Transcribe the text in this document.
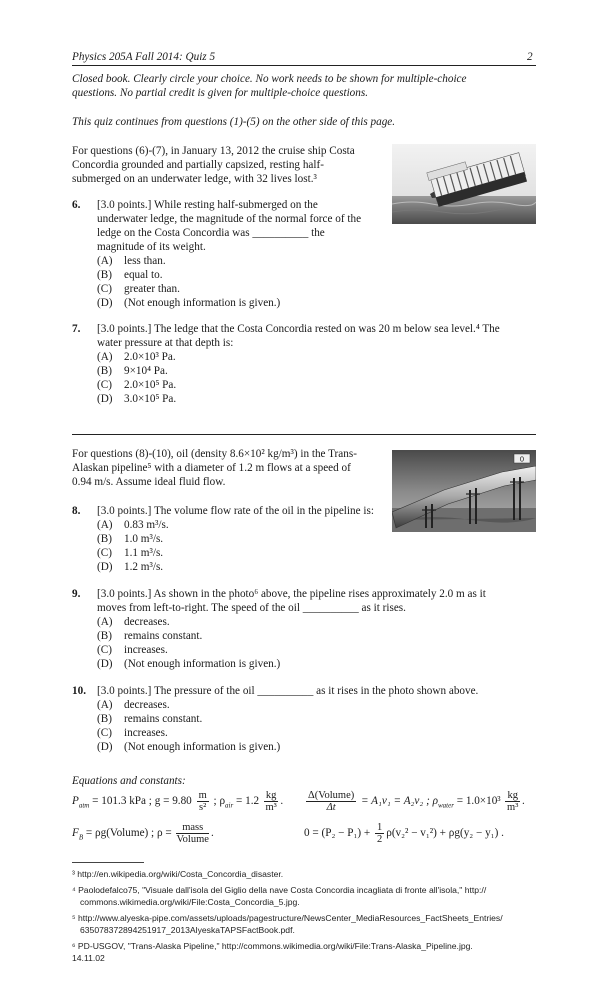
Physics 205A Fall 2014: Quiz 5	2
Closed book. Clearly circle your choice. No work needs to be shown for multiple-choice
questions. No partial credit is given for multiple-choice questions.
This quiz continues from questions (1)-(5) on the other side of this page.
For questions (6)-(7), in January 13, 2012 the cruise ship Costa
Concordia grounded and partially capsized, resting half-
submerged on an underwater ledge, with 32 lives lost.³
6. [3.0 points.] While resting half-submerged on the
underwater ledge, the magnitude of the normal force of the
ledge on the Costa Concordia was __________ the
magnitude of its weight.
(A) less than.
(B) equal to.
(C) greater than.
(D) (Not enough information is given.)
7. [3.0 points.] The ledge that the Costa Concordia rested on was 20 m below sea level.⁴ The
water pressure at that depth is:
(A) 2.0×10³ Pa.
(B) 9×10⁴ Pa.
(C) 2.0×10⁵ Pa.
(D) 3.0×10⁵ Pa.
For questions (8)-(10), oil (density 8.6×10² kg/m³) in the Trans-
Alaskan pipeline⁵ with a diameter of 1.2 m flows at a speed of
0.94 m/s. Assume ideal fluid flow.
0
8. [3.0 points.] The volume flow rate of the oil in the pipeline is:
(A) 0.83 m³/s.
(B) 1.0 m³/s.
(C) 1.1 m³/s.
(D) 1.2 m³/s.
9. [3.0 points.] As shown in the photo⁶ above, the pipeline rises approximately 2.0 m as it
moves from left-to-right. The speed of the oil __________ as it rises.
(A) decreases.
(B) remains constant.
(C) increases.
(D) (Not enough information is given.)
10. [3.0 points.] The pressure of the oil __________ as it rises in the photo shown above.
(A) decreases.
(B) remains constant.
(C) increases.
(D) (Not enough information is given.)
Equations and constants:
$P_{atm} = 101.3$ kPa ; $g = 9.80 \frac{m}{\text{s²}}$ ; $\rho_{air} = 1.2 \frac{kg}{\text{m³}}$ . $\frac{\text{Δ(Volume)}}{\Delta t} = A_1v_1 = A_2v_2$ ; $\rho_{water} = 1.0\times 10^3 \frac{kg}{\text{m³}}$ .
$F_B$ = ρg(Volume) ; $\rho = \frac{\text{mass}}{\text{Volume}}$ .	$0 = (P_2 - P_1) + \frac{1}{2} \rho(v_2^2 - v_1^2) + \rho g(y_2 - y_1)$ .
³ http://en.wikipedia.org/wiki/Costa_Concordia_disaster.
⁴ Paolodefalco75, "Visuale dall'isola del Giglio della nave Costa Concordia incagliata di fronte all'isola," http://
commons.wikimedia.org/wiki/File:Costa_Concordia_5.jpg.
⁵ http://www.alyeska-pipe.com/assets/uploads/pagestructure/NewsCenter_MediaResources_FactSheets_Entries/
635078372894251917_2013AlyeskaTAPSFactBook.pdf.
⁶ PD-USGOV, "Trans-Alaska Pipeline," http://commons.wikimedia.org/wiki/File:Trans-Alaska_Pipeline.jpg.
14.11.02
